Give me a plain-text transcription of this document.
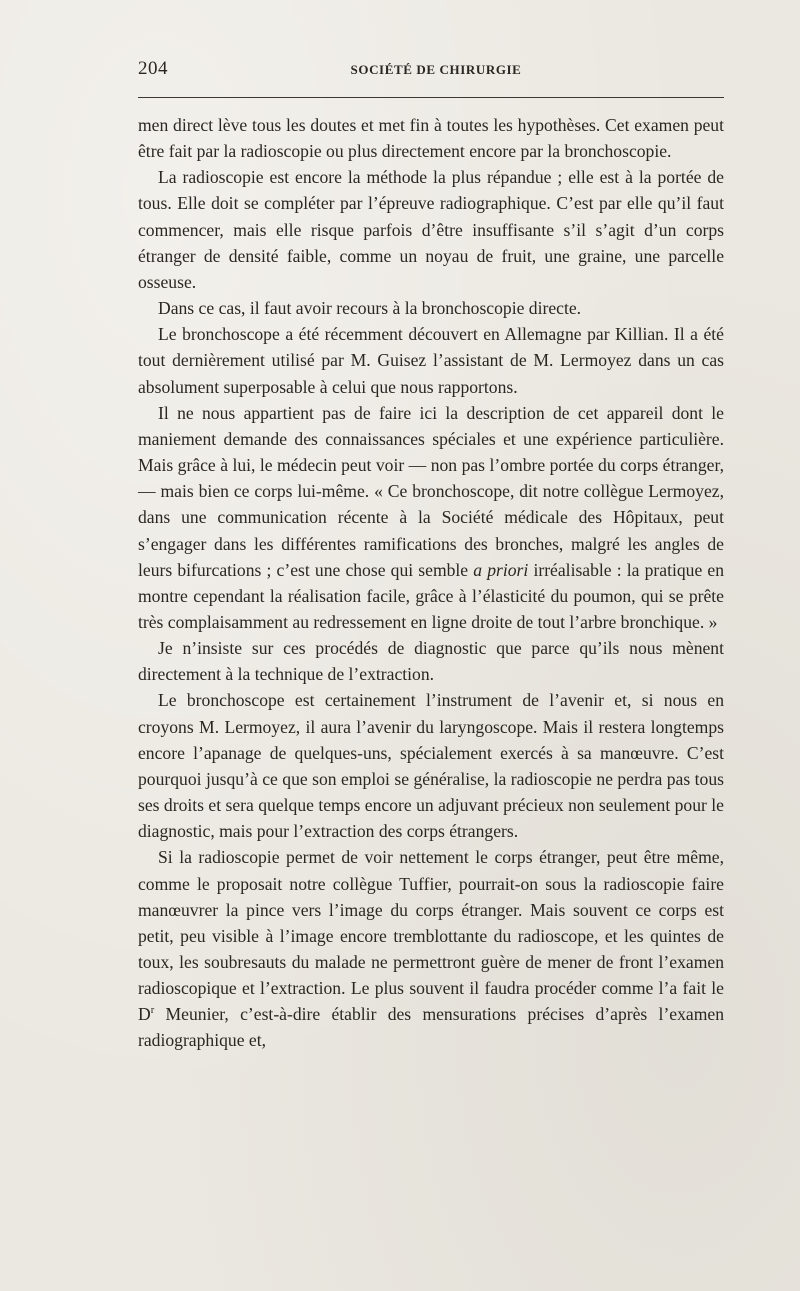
204	SOCIÉTÉ DE CHIRURGIE

men direct lève tous les doutes et met fin à toutes les hypothèses. Cet examen peut être fait par la radioscopie ou plus directement encore par la bronchoscopie.

La radioscopie est encore la méthode la plus répandue ; elle est à la portée de tous. Elle doit se compléter par l’épreuve radiographique. C’est par elle qu’il faut commencer, mais elle risque parfois d’être insuffisante s’il s’agit d’un corps étranger de densité faible, comme un noyau de fruit, une graine, une parcelle osseuse.

Dans ce cas, il faut avoir recours à la bronchoscopie directe.

Le bronchoscope a été récemment découvert en Allemagne par Killian. Il a été tout dernièrement utilisé par M. Guisez l’assistant de M. Lermoyez dans un cas absolument superposable à celui que nous rapportons.

Il ne nous appartient pas de faire ici la description de cet appareil dont le maniement demande des connaissances spéciales et une expérience particulière. Mais grâce à lui, le médecin peut voir — non pas l’ombre portée du corps étranger, — mais bien ce corps lui-même. « Ce bronchoscope, dit notre collègue Lermoyez, dans une communication récente à la Société médicale des Hôpitaux, peut s’engager dans les différentes ramifications des bronches, malgré les angles de leurs bifurcations ; c’est une chose qui semble a priori irréalisable : la pratique en montre cependant la réalisation facile, grâce à l’élasticité du poumon, qui se prête très complaisamment au redressement en ligne droite de tout l’arbre bronchique. »

Je n’insiste sur ces procédés de diagnostic que parce qu’ils nous mènent directement à la technique de l’extraction.

Le bronchoscope est certainement l’instrument de l’avenir et, si nous en croyons M. Lermoyez, il aura l’avenir du laryngoscope. Mais il restera longtemps encore l’apanage de quelques-uns, spécialement exercés à sa manœuvre. C’est pourquoi jusqu’à ce que son emploi se généralise, la radioscopie ne perdra pas tous ses droits et sera quelque temps encore un adjuvant précieux non seulement pour le diagnostic, mais pour l’extraction des corps étrangers.

Si la radioscopie permet de voir nettement le corps étranger, peut être même, comme le proposait notre collègue Tuffier, pourrait-on sous la radioscopie faire manœuvrer la pince vers l’image du corps étranger. Mais souvent ce corps est petit, peu visible à l’image encore tremblottante du radioscope, et les quintes de toux, les soubresauts du malade ne permettront guère de mener de front l’examen radioscopique et l’extraction. Le plus souvent il faudra procéder comme l’a fait le $D^r$ Meunier, c’est-à-dire établir des mensurations précises d’après l’examen radiographique et,
